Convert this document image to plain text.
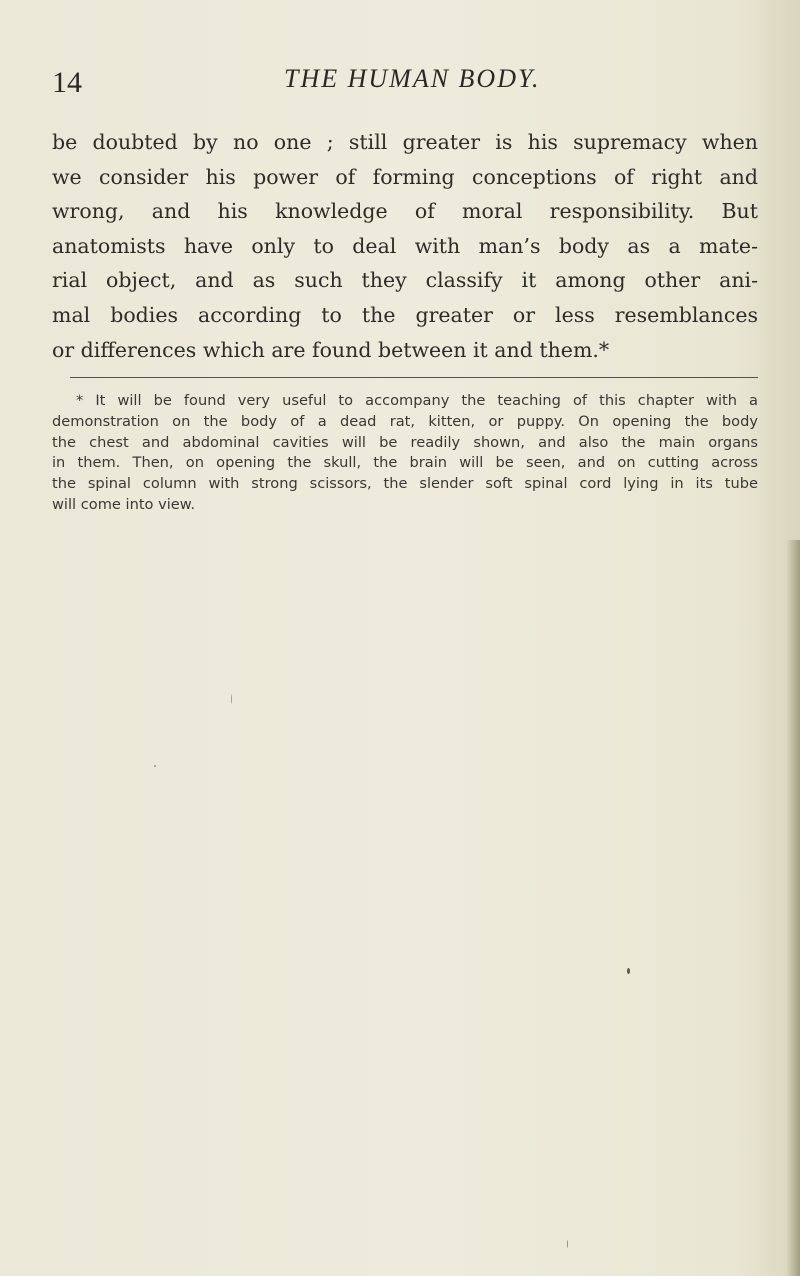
14	THE HUMAN BODY.
be doubted by no one ; still greater is his supremacy when
we consider his power of forming conceptions of right and
wrong, and his knowledge of moral responsibility. But
anatomists have only to deal with man’s body as a mate-
rial object, and as such they classify it among other ani-
mal bodies according to the greater or less resemblances
or differences which are found between it and them.*
* It will be found very useful to accompany the teaching of this chapter with a
demonstration on the body of a dead rat, kitten, or puppy. On opening the body
the chest and abdominal cavities will be readily shown, and also the main organs
in them. Then, on opening the skull, the brain will be seen, and on cutting across
the spinal column with strong scissors, the slender soft spinal cord lying in its tube
will come into view.
